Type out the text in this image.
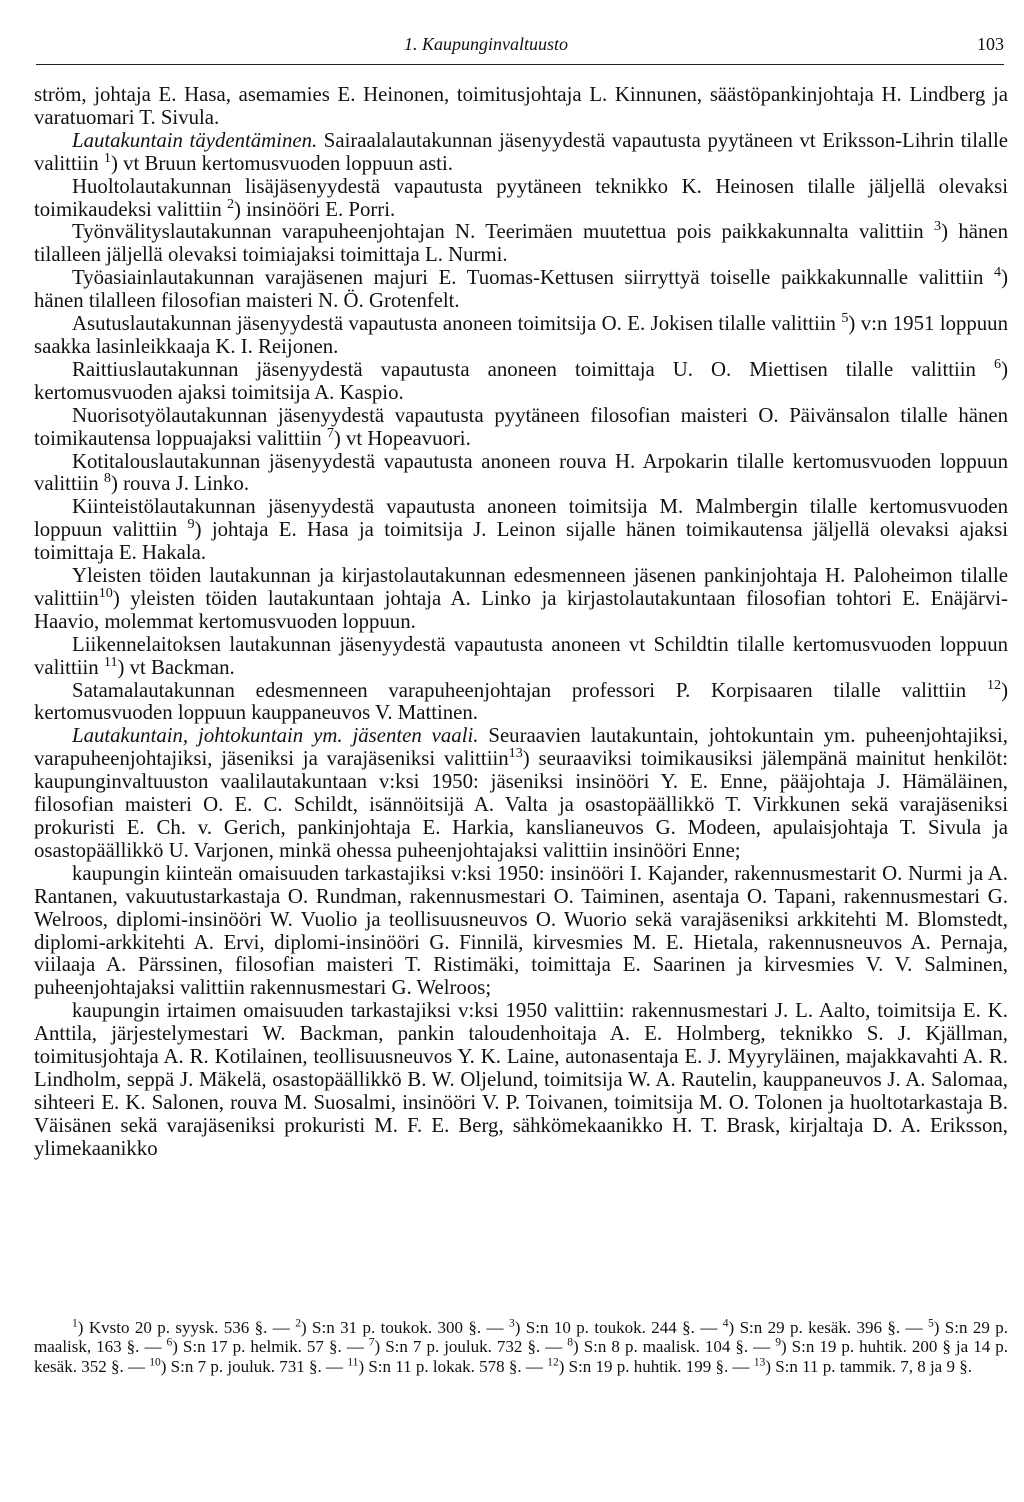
1. Kaupunginvaltuusto	103

ström, johtaja E. Hasa, asemamies E. Heinonen, toimitusjohtaja L. Kinnunen, säästöpankinjohtaja H. Lindberg ja varatuomari T. Sivula.

Lautakuntain täydentäminen. Sairaalalautakunnan jäsenyydestä vapautusta pyytäneen vt Eriksson-Lihrin tilalle valittiin $^1$) vt Bruun kertomusvuoden loppuun asti.

Huoltolautakunnan lisäjäsenyydestä vapautusta pyytäneen teknikko K. Heinosen tilalle jäljellä olevaksi toimikaudeksi valittiin $^2$) insinööri E. Porri.

Työnvälityslautakunnan varapuheenjohtajan N. Teerimäen muutettua pois paikkakunnalta valittiin $^3$) hänen tilalleen jäljellä olevaksi toimiajaksi toimittaja L. Nurmi.

Työasiainlautakunnan varajäsenen majuri E. Tuomas-Kettusen siirryttyä toiselle paikkakunnalle valittiin $^4$) hänen tilalleen filosofian maisteri N. Ö. Grotenfelt.

Asutuslautakunnan jäsenyydestä vapautusta anoneen toimitsija O. E. Jokisen tilalle valittiin $^5$) v:n 1951 loppuun saakka lasinleikkaaja K. I. Reijonen.

Raittiuslautakunnan jäsenyydestä vapautusta anoneen toimittaja U. O. Miettisen tilalle valittiin $^6$) kertomusvuoden ajaksi toimitsija A. Kaspio.

Nuorisotyölautakunnan jäsenyydestä vapautusta pyytäneen filosofian maisteri O. Päivänsalon tilalle hänen toimikautensa loppuajaksi valittiin $^7$) vt Hopeavuori.

Kotitalouslautakunnan jäsenyydestä vapautusta anoneen rouva H. Arpokarin tilalle kertomusvuoden loppuun valittiin $^8$) rouva J. Linko.

Kiinteistölautakunnan jäsenyydestä vapautusta anoneen toimitsija M. Malmbergin tilalle kertomusvuoden loppuun valittiin $^9$) johtaja E. Hasa ja toimitsija J. Leinon sijalle hänen toimikautensa jäljellä olevaksi ajaksi toimittaja E. Hakala.

Yleisten töiden lautakunnan ja kirjastolautakunnan edesmenneen jäsenen pankinjohtaja H. Paloheimon tilalle valittiin$^{10}$) yleisten töiden lautakuntaan johtaja A. Linko ja kirjastolautakuntaan filosofian tohtori E. Enäjärvi-Haavio, molemmat kertomusvuoden loppuun.

Liikennelaitoksen lautakunnan jäsenyydestä vapautusta anoneen vt Schildtin tilalle kertomusvuoden loppuun valittiin $^{11}$) vt Backman.

Satamalautakunnan edesmenneen varapuheenjohtajan professori P. Korpisaaren tilalle valittiin $^{12}$) kertomusvuoden loppuun kauppaneuvos V. Mattinen.

Lautakuntain, johtokuntain ym. jäsenten vaali. Seuraavien lautakuntain, johtokuntain ym. puheenjohtajiksi, varapuheenjohtajiksi, jäseniksi ja varajäseniksi valittiin$^{13}$) seuraaviksi toimikausiksi jälempänä mainitut henkilöt: kaupunginvaltuuston vaalilautakuntaan v:ksi 1950: jäseniksi insinööri Y. E. Enne, pääjohtaja J. Hämäläinen, filosofian maisteri O. E. C. Schildt, isännöitsijä A. Valta ja osastopäällikkö T. Virkkunen sekä varajäseniksi prokuristi E. Ch. v. Gerich, pankinjohtaja E. Harkia, kanslianeuvos G. Modeen, apulaisjohtaja T. Sivula ja osastopäällikkö U. Varjonen, minkä ohessa puheenjohtajaksi valittiin insinööri Enne;

kaupungin kiinteän omaisuuden tarkastajiksi v:ksi 1950: insinööri I. Kajander, rakennusmestarit O. Nurmi ja A. Rantanen, vakuutustarkastaja O. Rundman, rakennusmestari O. Taiminen, asentaja O. Tapani, rakennusmestari G. Welroos, diplomi-insinööri W. Vuolio ja teollisuusneuvos O. Wuorio sekä varajäseniksi arkkitehti M. Blomstedt, diplomi-arkkitehti A. Ervi, diplomi-insinööri G. Finnilä, kirvesmies M. E. Hietala, rakennusneuvos A. Pernaja, viilaaja A. Pärssinen, filosofian maisteri T. Ristimäki, toimittaja E. Saarinen ja kirvesmies V. V. Salminen, puheenjohtajaksi valittiin rakennusmestari G. Welroos;

kaupungin irtaimen omaisuuden tarkastajiksi v:ksi 1950 valittiin: rakennusmestari J. L. Aalto, toimitsija E. K. Anttila, järjestelymestari W. Backman, pankin taloudenhoitaja A. E. Holmberg, teknikko S. J. Kjällman, toimitusjohtaja A. R. Kotilainen, teollisuusneuvos Y. K. Laine, autonasentaja E. J. Myyryläinen, majakkavahti A. R. Lindholm, seppä J. Mäkelä, osastopäällikkö B. W. Oljelund, toimitsija W. A. Rautelin, kauppaneuvos J. A. Salomaa, sihteeri E. K. Salonen, rouva M. Suosalmi, insinööri V. P. Toivanen, toimitsija M. O. Tolonen ja huoltotarkastaja B. Väisänen sekä varajäseniksi prokuristi M. F. E. Berg, sähkömekaanikko H. T. Brask, kirjaltaja D. A. Eriksson, ylimekaanikko

$^1$) Kvsto 20 p. syysk. 536 §. — $^2$) S:n 31 p. toukok. 300 §. — $^3$) S:n 10 p. toukok. 244 §. — $^4$) S:n 29 p. kesäk. 396 §. — $^5$) S:n 29 p. maalisk, 163 §. — $^6$) S:n 17 p. helmik. 57 §. — $^7$) S:n 7 p. jouluk. 732 §. — $^8$) S:n 8 p. maalisk. 104 §. — $^9$) S:n 19 p. huhtik. 200 § ja 14 p. kesäk. 352 §. — $^{10}$) S:n 7 p. jouluk. 731 §. — $^{11}$) S:n 11 p. lokak. 578 §. — $^{12}$) S:n 19 p. huhtik. 199 §. — $^{13}$) S:n 11 p. tammik. 7, 8 ja 9 §.
